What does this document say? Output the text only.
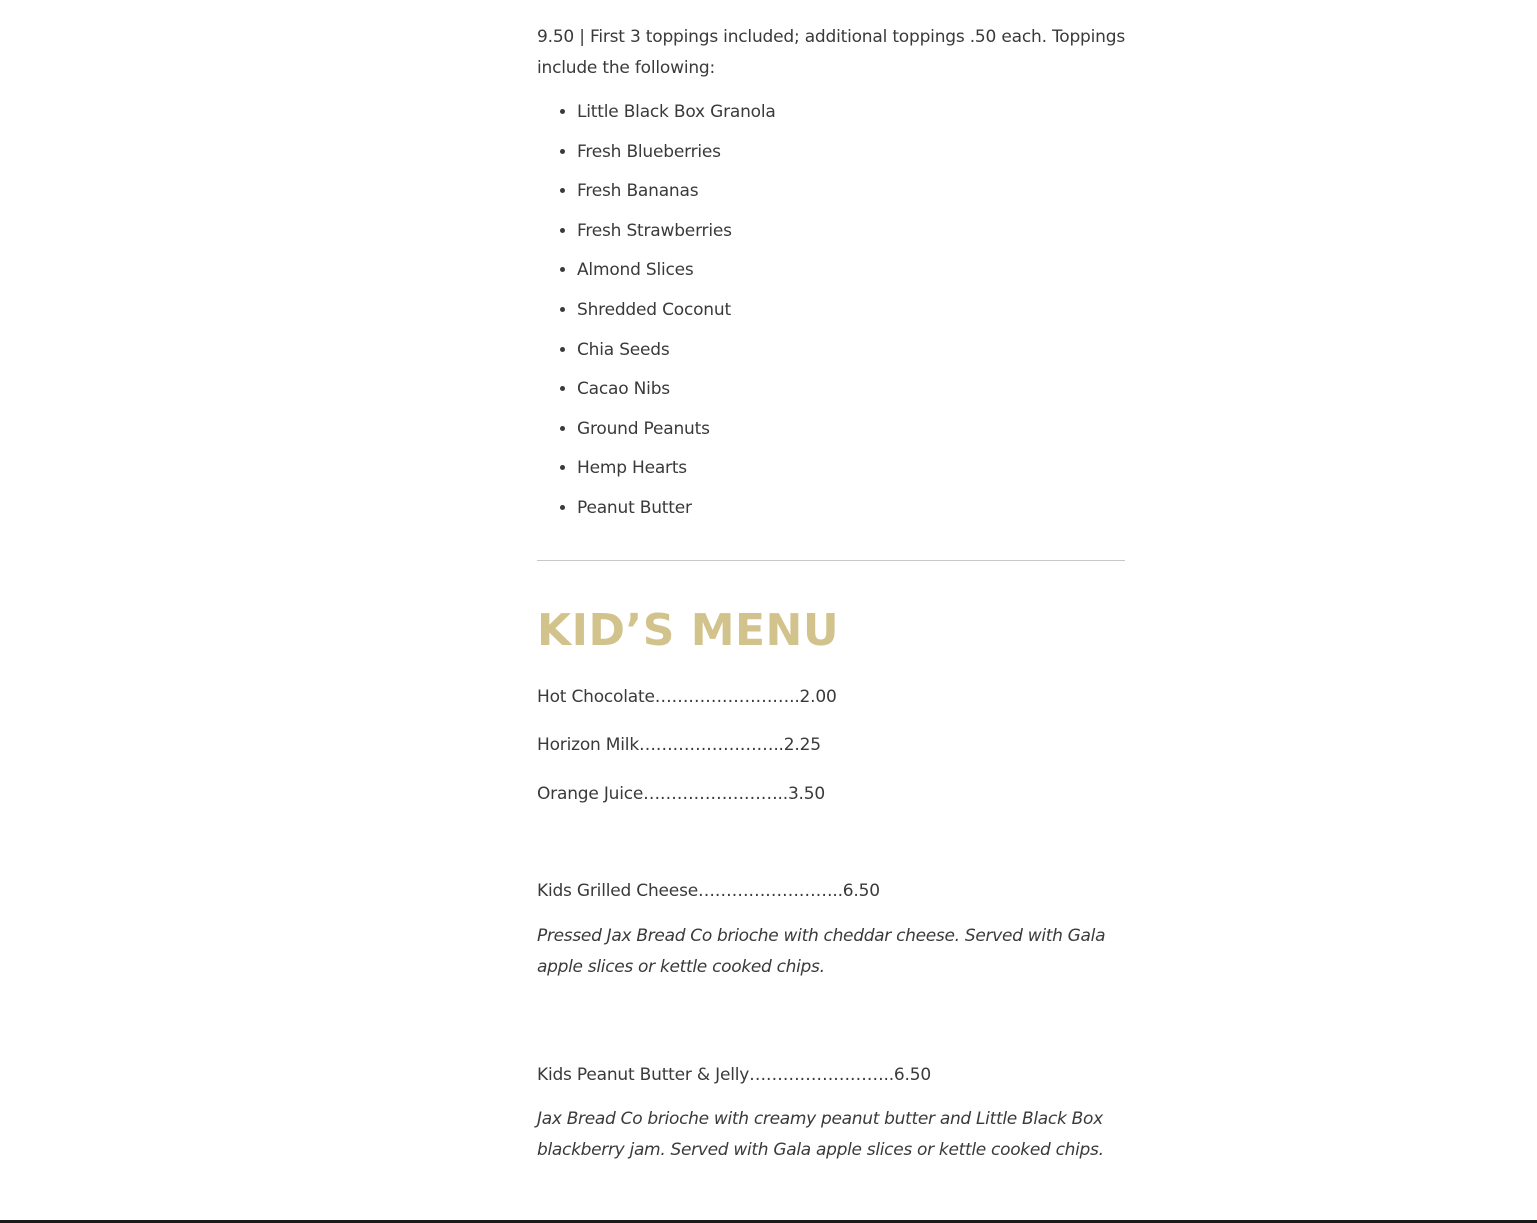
9.50 | First 3 toppings included; additional toppings .50 each. Toppings include the following:

• Little Black Box Granola
• Fresh Blueberries
• Fresh Bananas
• Fresh Strawberries
• Almond Slices
• Shredded Coconut
• Chia Seeds
• Cacao Nibs
• Ground Peanuts
• Hemp Hearts
• Peanut Butter
KID’S MENU

Hot Chocolate……………………..2.00

Horizon Milk……………………..2.25

Orange Juice……………………..3.50

Kids Grilled Cheese……………………..6.50

Pressed Jax Bread Co brioche with cheddar cheese. Served with Gala apple slices or kettle cooked chips.

Kids Peanut Butter & Jelly……………………..6.50

Jax Bread Co brioche with creamy peanut butter and Little Black Box blackberry jam. Served with Gala apple slices or kettle cooked chips.
